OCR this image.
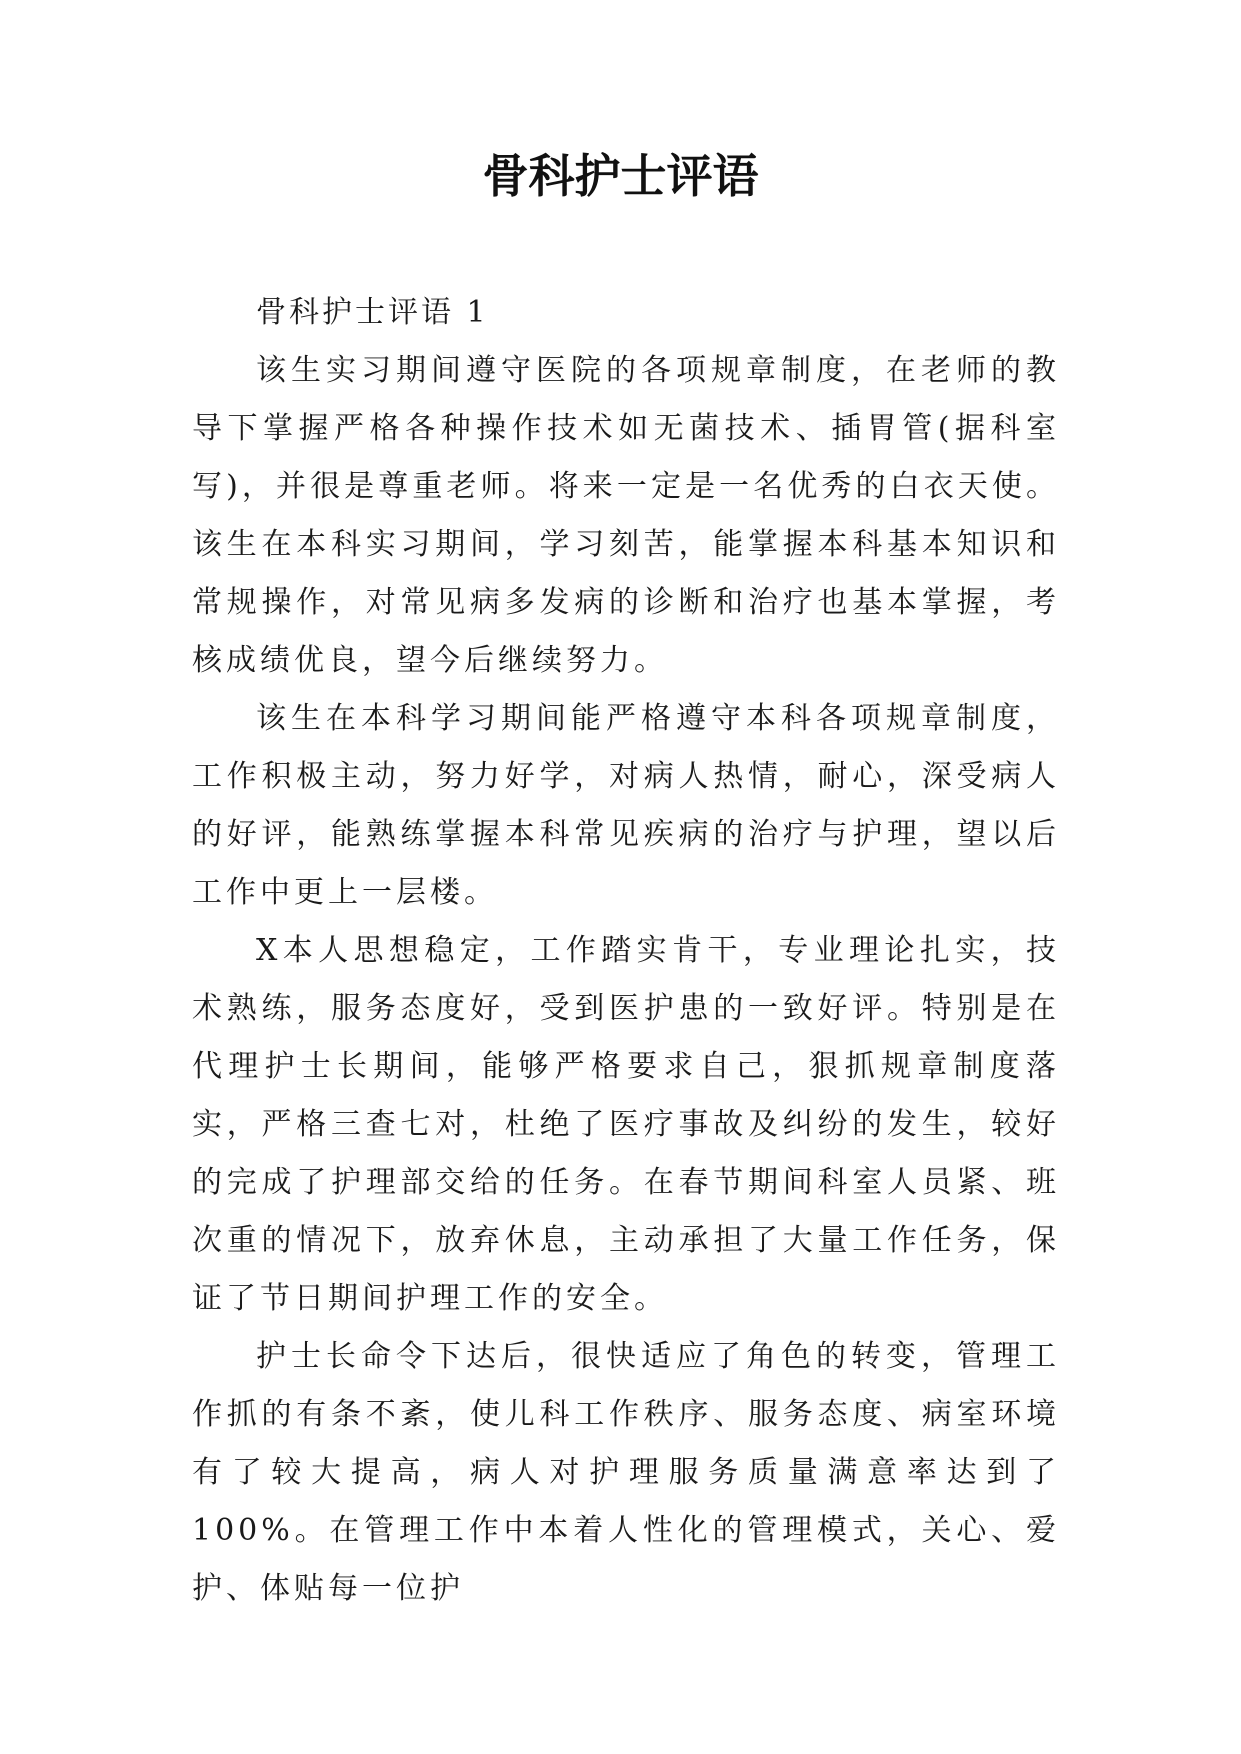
骨科护士评语

骨科护士评语 1

该生实习期间遵守医院的各项规章制度，在老师的教导下掌握严格各种操作技术如无菌技术、插胃管(据科室写)，并很是尊重老师。将来一定是一名优秀的白衣天使。该生在本科实习期间，学习刻苦，能掌握本科基本知识和常规操作，对常见病多发病的诊断和治疗也基本掌握，考核成绩优良，望今后继续努力。

该生在本科学习期间能严格遵守本科各项规章制度，工作积极主动，努力好学，对病人热情，耐心，深受病人的好评，能熟练掌握本科常见疾病的治疗与护理，望以后工作中更上一层楼。

X本人思想稳定，工作踏实肯干，专业理论扎实，技术熟练，服务态度好，受到医护患的一致好评。特别是在代理护士长期间，能够严格要求自己，狠抓规章制度落实，严格三查七对，杜绝了医疗事故及纠纷的发生，较好的完成了护理部交给的任务。在春节期间科室人员紧、班次重的情况下，放弃休息，主动承担了大量工作任务，保证了节日期间护理工作的安全。

护士长命令下达后，很快适应了角色的转变，管理工作抓的有条不紊，使儿科工作秩序、服务态度、病室环境有了较大提高，病人对护理服务质量满意率达到了100%。在管理工作中本着人性化的管理模式，关心、爱护、体贴每一位护
